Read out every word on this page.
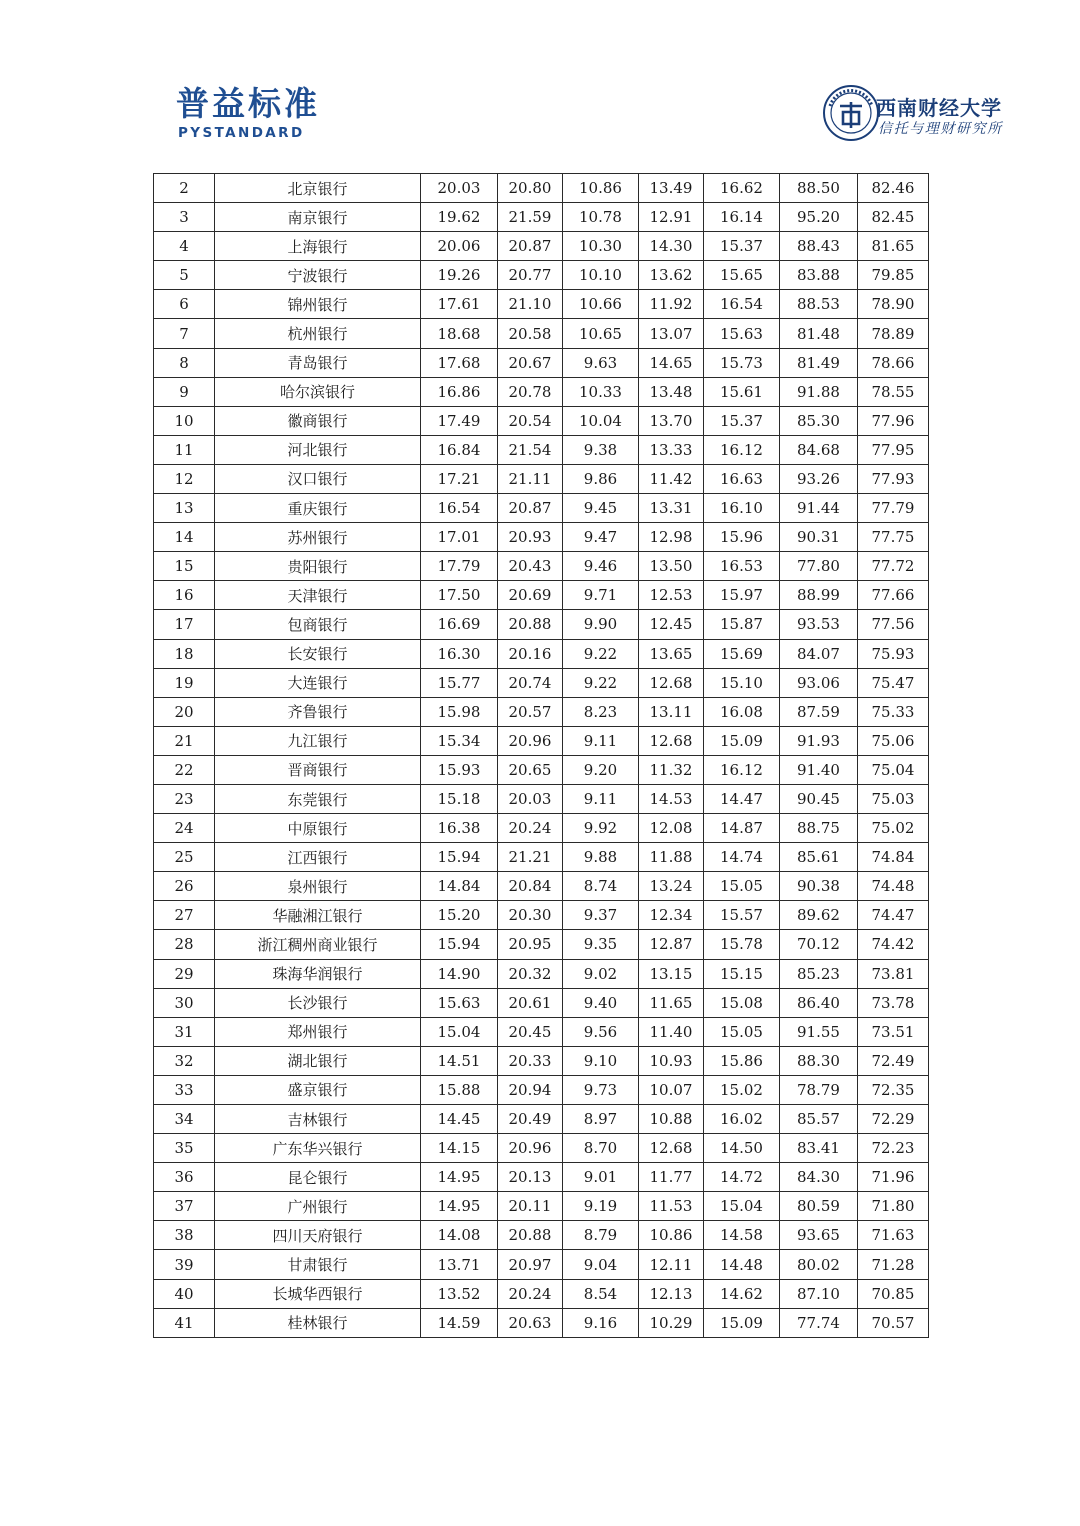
普益标准
PYSTANDARD
西南财经大学
信托与理财研究所
2	北京银行	20.03	20.80	10.86	13.49	16.62	88.50	82.46
3	南京银行	19.62	21.59	10.78	12.91	16.14	95.20	82.45
4	上海银行	20.06	20.87	10.30	14.30	15.37	88.43	81.65
5	宁波银行	19.26	20.77	10.10	13.62	15.65	83.88	79.85
6	锦州银行	17.61	21.10	10.66	11.92	16.54	88.53	78.90
7	杭州银行	18.68	20.58	10.65	13.07	15.63	81.48	78.89
8	青岛银行	17.68	20.67	9.63	14.65	15.73	81.49	78.66
9	哈尔滨银行	16.86	20.78	10.33	13.48	15.61	91.88	78.55
10	徽商银行	17.49	20.54	10.04	13.70	15.37	85.30	77.96
11	河北银行	16.84	21.54	9.38	13.33	16.12	84.68	77.95
12	汉口银行	17.21	21.11	9.86	11.42	16.63	93.26	77.93
13	重庆银行	16.54	20.87	9.45	13.31	16.10	91.44	77.79
14	苏州银行	17.01	20.93	9.47	12.98	15.96	90.31	77.75
15	贵阳银行	17.79	20.43	9.46	13.50	16.53	77.80	77.72
16	天津银行	17.50	20.69	9.71	12.53	15.97	88.99	77.66
17	包商银行	16.69	20.88	9.90	12.45	15.87	93.53	77.56
18	长安银行	16.30	20.16	9.22	13.65	15.69	84.07	75.93
19	大连银行	15.77	20.74	9.22	12.68	15.10	93.06	75.47
20	齐鲁银行	15.98	20.57	8.23	13.11	16.08	87.59	75.33
21	九江银行	15.34	20.96	9.11	12.68	15.09	91.93	75.06
22	晋商银行	15.93	20.65	9.20	11.32	16.12	91.40	75.04
23	东莞银行	15.18	20.03	9.11	14.53	14.47	90.45	75.03
24	中原银行	16.38	20.24	9.92	12.08	14.87	88.75	75.02
25	江西银行	15.94	21.21	9.88	11.88	14.74	85.61	74.84
26	泉州银行	14.84	20.84	8.74	13.24	15.05	90.38	74.48
27	华融湘江银行	15.20	20.30	9.37	12.34	15.57	89.62	74.47
28	浙江稠州商业银行	15.94	20.95	9.35	12.87	15.78	70.12	74.42
29	珠海华润银行	14.90	20.32	9.02	13.15	15.15	85.23	73.81
30	长沙银行	15.63	20.61	9.40	11.65	15.08	86.40	73.78
31	郑州银行	15.04	20.45	9.56	11.40	15.05	91.55	73.51
32	湖北银行	14.51	20.33	9.10	10.93	15.86	88.30	72.49
33	盛京银行	15.88	20.94	9.73	10.07	15.02	78.79	72.35
34	吉林银行	14.45	20.49	8.97	10.88	16.02	85.57	72.29
35	广东华兴银行	14.15	20.96	8.70	12.68	14.50	83.41	72.23
36	昆仑银行	14.95	20.13	9.01	11.77	14.72	84.30	71.96
37	广州银行	14.95	20.11	9.19	11.53	15.04	80.59	71.80
38	四川天府银行	14.08	20.88	8.79	10.86	14.58	93.65	71.63
39	甘肃银行	13.71	20.97	9.04	12.11	14.48	80.02	71.28
40	长城华西银行	13.52	20.24	8.54	12.13	14.62	87.10	70.85
41	桂林银行	14.59	20.63	9.16	10.29	15.09	77.74	70.57
